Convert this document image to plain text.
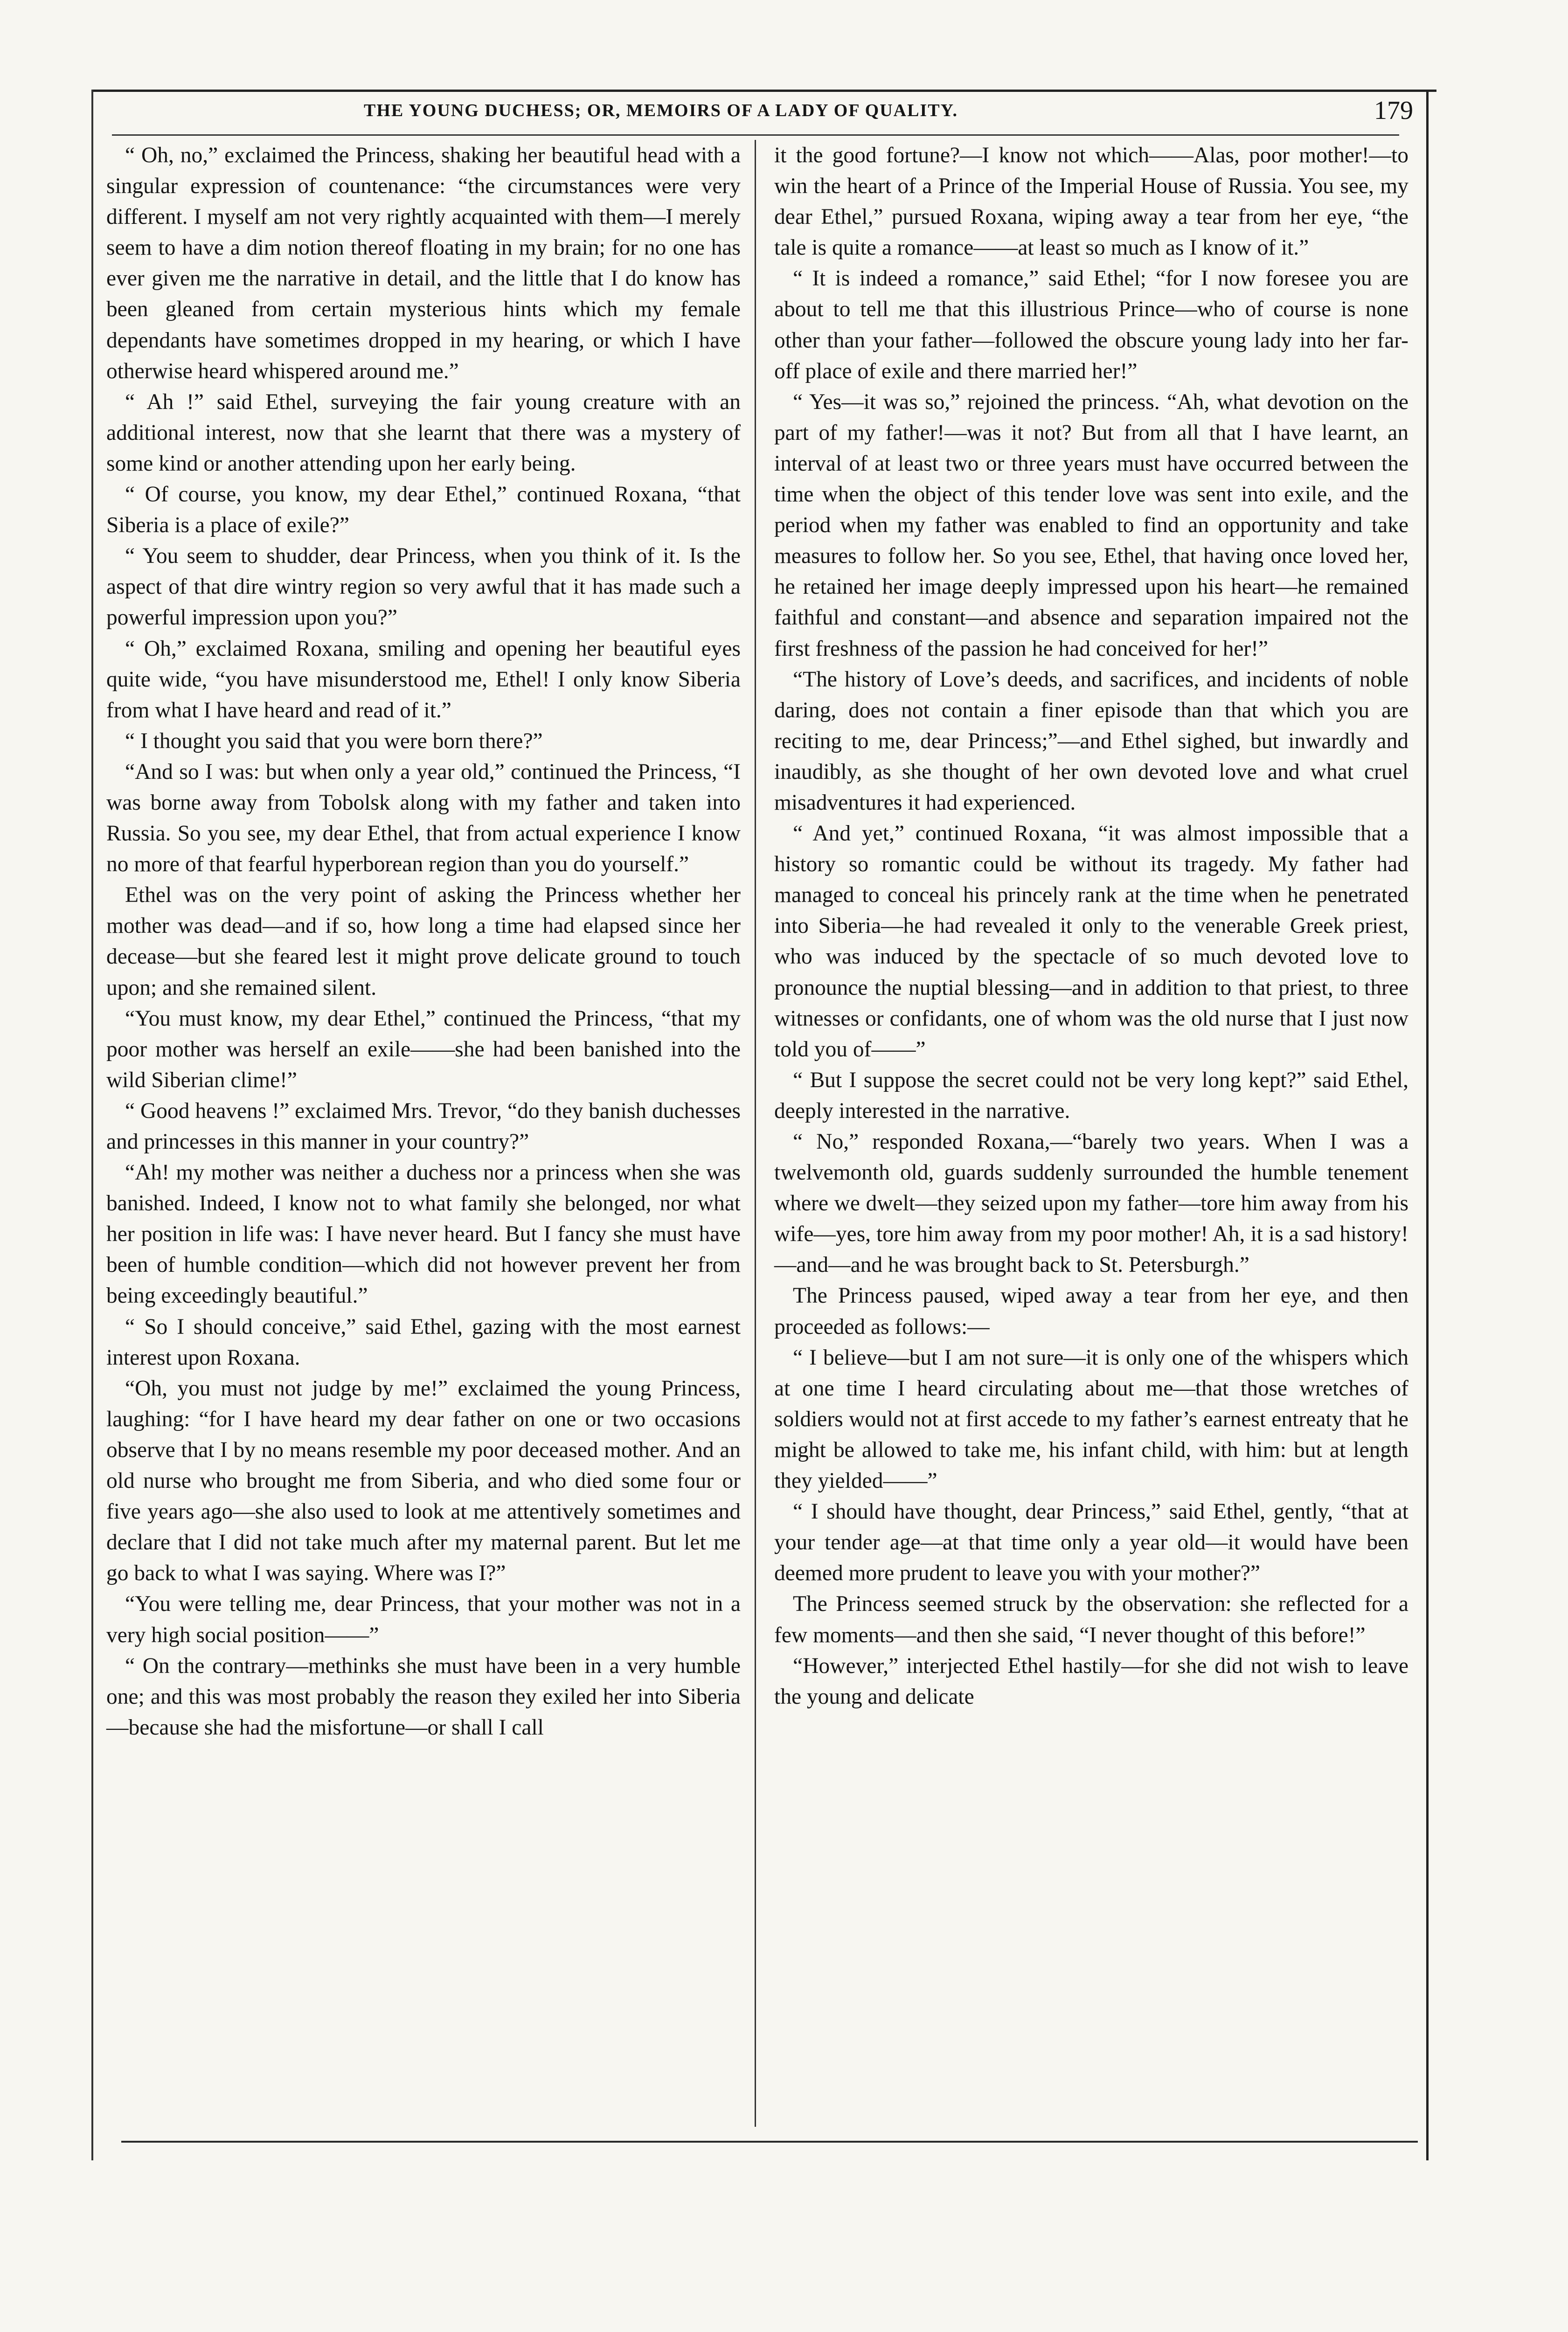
THE YOUNG DUCHESS; OR, MEMOIRS OF A LADY OF QUALITY.	179

“ Oh, no,” exclaimed the Princess, shaking her beautiful head with a singular expression of countenance: “the circumstances were very different. I myself am not very rightly acquainted with them—I merely seem to have a dim notion thereof floating in my brain; for no one has ever given me the narrative in detail, and the little that I do know has been gleaned from certain mysterious hints which my female dependants have sometimes dropped in my hearing, or which I have otherwise heard whispered around me.”

“ Ah !” said Ethel, surveying the fair young creature with an additional interest, now that she learnt that there was a mystery of some kind or another attending upon her early being.

“ Of course, you know, my dear Ethel,” continued Roxana, “that Siberia is a place of exile?”

“ You seem to shudder, dear Princess, when you think of it. Is the aspect of that dire wintry region so very awful that it has made such a powerful impression upon you?”

“ Oh,” exclaimed Roxana, smiling and opening her beautiful eyes quite wide, “you have misunderstood me, Ethel! I only know Siberia from what I have heard and read of it.”

“ I thought you said that you were born there?”

“And so I was: but when only a year old,” continued the Princess, “I was borne away from Tobolsk along with my father and taken into Russia. So you see, my dear Ethel, that from actual experience I know no more of that fearful hyperborean region than you do yourself.”

Ethel was on the very point of asking the Princess whether her mother was dead—and if so, how long a time had elapsed since her decease—but she feared lest it might prove delicate ground to touch upon; and she remained silent.

“You must know, my dear Ethel,” continued the Princess, “that my poor mother was herself an exile——she had been banished into the wild Siberian clime!”

“ Good heavens !” exclaimed Mrs. Trevor, “do they banish duchesses and princesses in this manner in your country?”

“Ah! my mother was neither a duchess nor a princess when she was banished. Indeed, I know not to what family she belonged, nor what her position in life was: I have never heard. But I fancy she must have been of humble condition—which did not however prevent her from being exceedingly beautiful.”

“ So I should conceive,” said Ethel, gazing with the most earnest interest upon Roxana.

“Oh, you must not judge by me!” exclaimed the young Princess, laughing: “for I have heard my dear father on one or two occasions observe that I by no means resemble my poor deceased mother. And an old nurse who brought me from Siberia, and who died some four or five years ago—she also used to look at me attentively sometimes and declare that I did not take much after my maternal parent. But let me go back to what I was saying. Where was I?”

“You were telling me, dear Princess, that your mother was not in a very high social position——”

“ On the contrary—methinks she must have been in a very humble one; and this was most probably the reason they exiled her into Siberia—because she had the misfortune—or shall I call

it the good fortune?—I know not which——Alas, poor mother!—to win the heart of a Prince of the Imperial House of Russia. You see, my dear Ethel,” pursued Roxana, wiping away a tear from her eye, “the tale is quite a romance——at least so much as I know of it.”

“ It is indeed a romance,” said Ethel; “for I now foresee you are about to tell me that this illustrious Prince—who of course is none other than your father—followed the obscure young lady into her far-off place of exile and there married her!”

“ Yes—it was so,” rejoined the princess. “Ah, what devotion on the part of my father!—was it not? But from all that I have learnt, an interval of at least two or three years must have occurred between the time when the object of this tender love was sent into exile, and the period when my father was enabled to find an opportunity and take measures to follow her. So you see, Ethel, that having once loved her, he retained her image deeply impressed upon his heart—he remained faithful and constant—and absence and separation impaired not the first freshness of the passion he had conceived for her!”

“The history of Love’s deeds, and sacrifices, and incidents of noble daring, does not contain a finer episode than that which you are reciting to me, dear Princess;”—and Ethel sighed, but inwardly and inaudibly, as she thought of her own devoted love and what cruel misadventures it had experienced.

“ And yet,” continued Roxana, “it was almost impossible that a history so romantic could be without its tragedy. My father had managed to conceal his princely rank at the time when he penetrated into Siberia—he had revealed it only to the venerable Greek priest, who was induced by the spectacle of so much devoted love to pronounce the nuptial blessing—and in addition to that priest, to three witnesses or confidants, one of whom was the old nurse that I just now told you of——”

“ But I suppose the secret could not be very long kept?” said Ethel, deeply interested in the narrative.

“ No,” responded Roxana,—“barely two years. When I was a twelvemonth old, guards suddenly surrounded the humble tenement where we dwelt—they seized upon my father—tore him away from his wife—yes, tore him away from my poor mother! Ah, it is a sad history!—and—and he was brought back to St. Petersburgh.”

The Princess paused, wiped away a tear from her eye, and then proceeded as follows:—

“ I believe—but I am not sure—it is only one of the whispers which at one time I heard circulating about me—that those wretches of soldiers would not at first accede to my father’s earnest entreaty that he might be allowed to take me, his infant child, with him: but at length they yielded——”

“ I should have thought, dear Princess,” said Ethel, gently, “that at your tender age—at that time only a year old—it would have been deemed more prudent to leave you with your mother?”

The Princess seemed struck by the observation: she reflected for a few moments—and then she said, “I never thought of this before!”

“However,” interjected Ethel hastily—for she did not wish to leave the young and delicate
